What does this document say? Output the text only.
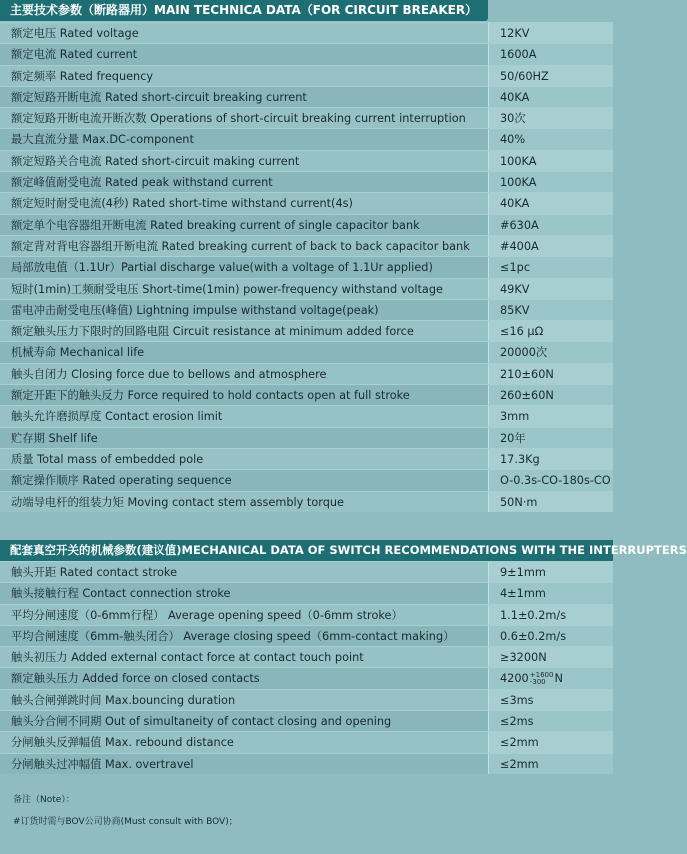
主要技术参数（断路器用）MAIN TECHNICA DATA（FOR CIRCUIT BREAKER）
额定电压 Rated voltage	12KV
额定电流 Rated current	1600A
额定频率 Rated frequency	50/60HZ
额定短路开断电流 Rated short-circuit breaking current	40KA
额定短路开断电流开断次数 Operations of short-circuit breaking current interruption	30次
最大直流分量 Max.DC-component	40%
额定短路关合电流 Rated short-circuit making current	100KA
额定峰值耐受电流 Rated peak withstand current	100KA
额定短时耐受电流(4秒) Rated short-time withstand current(4s)	40KA
额定单个电容器组开断电流 Rated breaking current of single capacitor bank	#630A
额定背对背电容器组开断电流 Rated breaking current of back to back capacitor bank	#400A
局部放电值（1.1Ur）Partial discharge value(with a voltage of 1.1Ur applied)	≤1pc
短时(1min)工频耐受电压 Short-time(1min) power-frequency withstand voltage	49KV
雷电冲击耐受电压(峰值) Lightning impulse withstand voltage(peak)	85KV
额定触头压力下限时的回路电阻 Circuit resistance at minimum added force	≤16 μΩ
机械寿命 Mechanical life	20000次
触头自闭力 Closing force due to bellows and atmosphere	210±60N
额定开距下的触头反力 Force required to hold contacts open at full stroke	260±60N
触头允许磨损厚度 Contact erosion limit	3mm
贮存期 Shelf life	20年
质量 Total mass of embedded pole	17.3Kg
额定操作顺序 Rated operating sequence	O-0.3s-CO-180s-CO
动端导电杆的组装力矩 Moving contact stem assembly torque	50N·m
配套真空开关的机械参数(建议值)MECHANICAL DATA OF SWITCH RECOMMENDATIONS WITH THE INTERRUPTERS
触头开距 Rated contact stroke	9±1mm
触头接触行程 Contact connection stroke	4±1mm
平均分闸速度（0-6mm行程） Average opening speed（0-6mm stroke）	1.1±0.2m/s
平均合闸速度（6mm-触头闭合） Average closing speed（6mm-contact making）	0.6±0.2m/s
触头初压力 Added external contact force at contact touch point	≥3200N
额定触头压力 Added force on closed contacts	4200 +1600
-300 N
触头合闸弹跳时间 Max.bouncing duration	≤3ms
触头分合闸不同期 Out of simultaneity of contact closing and opening	≤2ms
分闸触头反弹幅值 Max. rebound distance	≤2mm
分闸触头过冲幅值 Max. overtravel	≤2mm
备注（Note）：
#订货时需与BOV公司协商(Must consult with BOV)；
